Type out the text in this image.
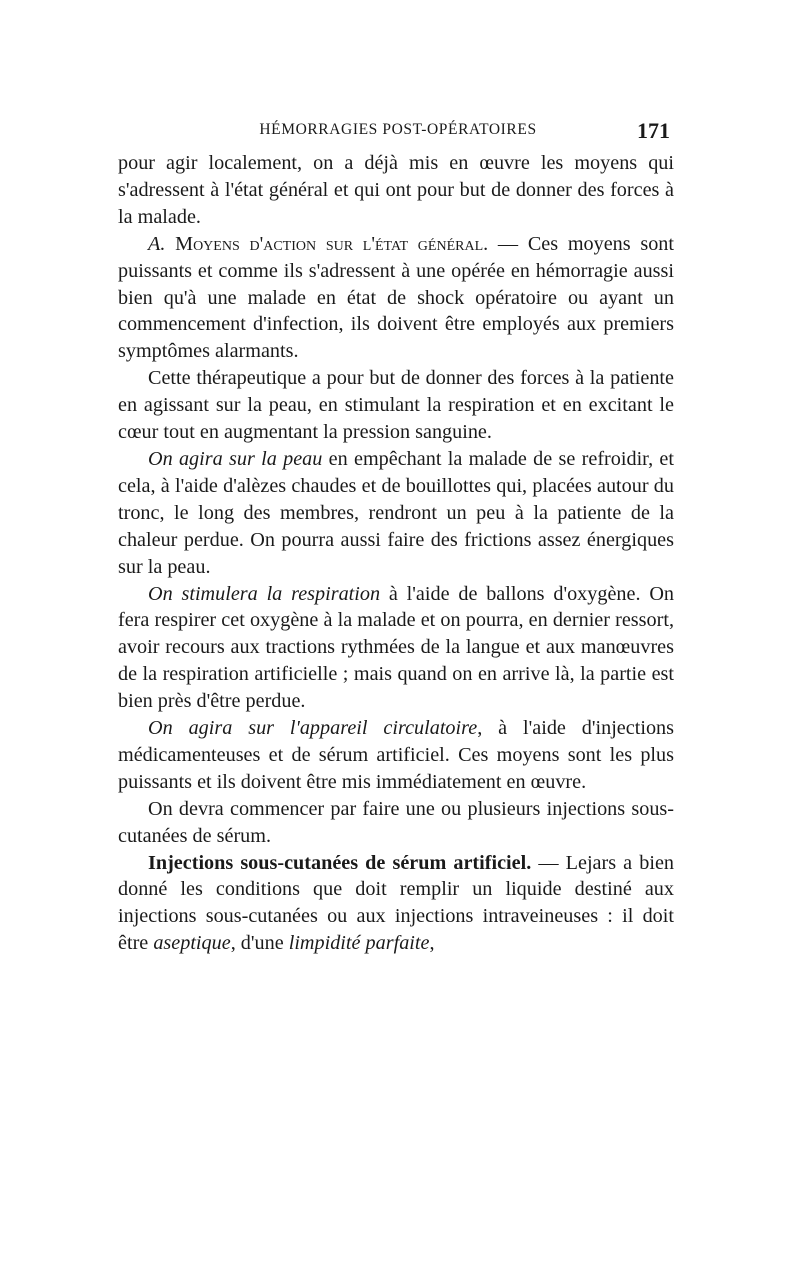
HÉMORRAGIES POST-OPÉRATOIRES	171

pour agir localement, on a déjà mis en œuvre les moyens qui s'adressent à l'état général et qui ont pour but de donner des forces à la malade.

A. Moyens d'action sur l'état général. — Ces moyens sont puissants et comme ils s'adressent à une opérée en hémorragie aussi bien qu'à une malade en état de shock opératoire ou ayant un commencement d'infection, ils doivent être employés aux premiers symptômes alarmants.

Cette thérapeutique a pour but de donner des forces à la patiente en agissant sur la peau, en stimulant la respiration et en excitant le cœur tout en augmentant la pression sanguine.

On agira sur la peau en empêchant la malade de se refroidir, et cela, à l'aide d'alèzes chaudes et de bouillottes qui, placées autour du tronc, le long des membres, rendront un peu à la patiente de la chaleur perdue. On pourra aussi faire des frictions assez énergiques sur la peau.

On stimulera la respiration à l'aide de ballons d'oxygène. On fera respirer cet oxygène à la malade et on pourra, en dernier ressort, avoir recours aux tractions rythmées de la langue et aux manœuvres de la respiration artificielle ; mais quand on en arrive là, la partie est bien près d'être perdue.

On agira sur l'appareil circulatoire, à l'aide d'injections médicamenteuses et de sérum artificiel. Ces moyens sont les plus puissants et ils doivent être mis immédiatement en œuvre.

On devra commencer par faire une ou plusieurs injections sous-cutanées de sérum.

Injections sous-cutanées de sérum artificiel. — Lejars a bien donné les conditions que doit remplir un liquide destiné aux injections sous-cutanées ou aux injections intraveineuses : il doit être aseptique, d'une limpidité parfaite,
